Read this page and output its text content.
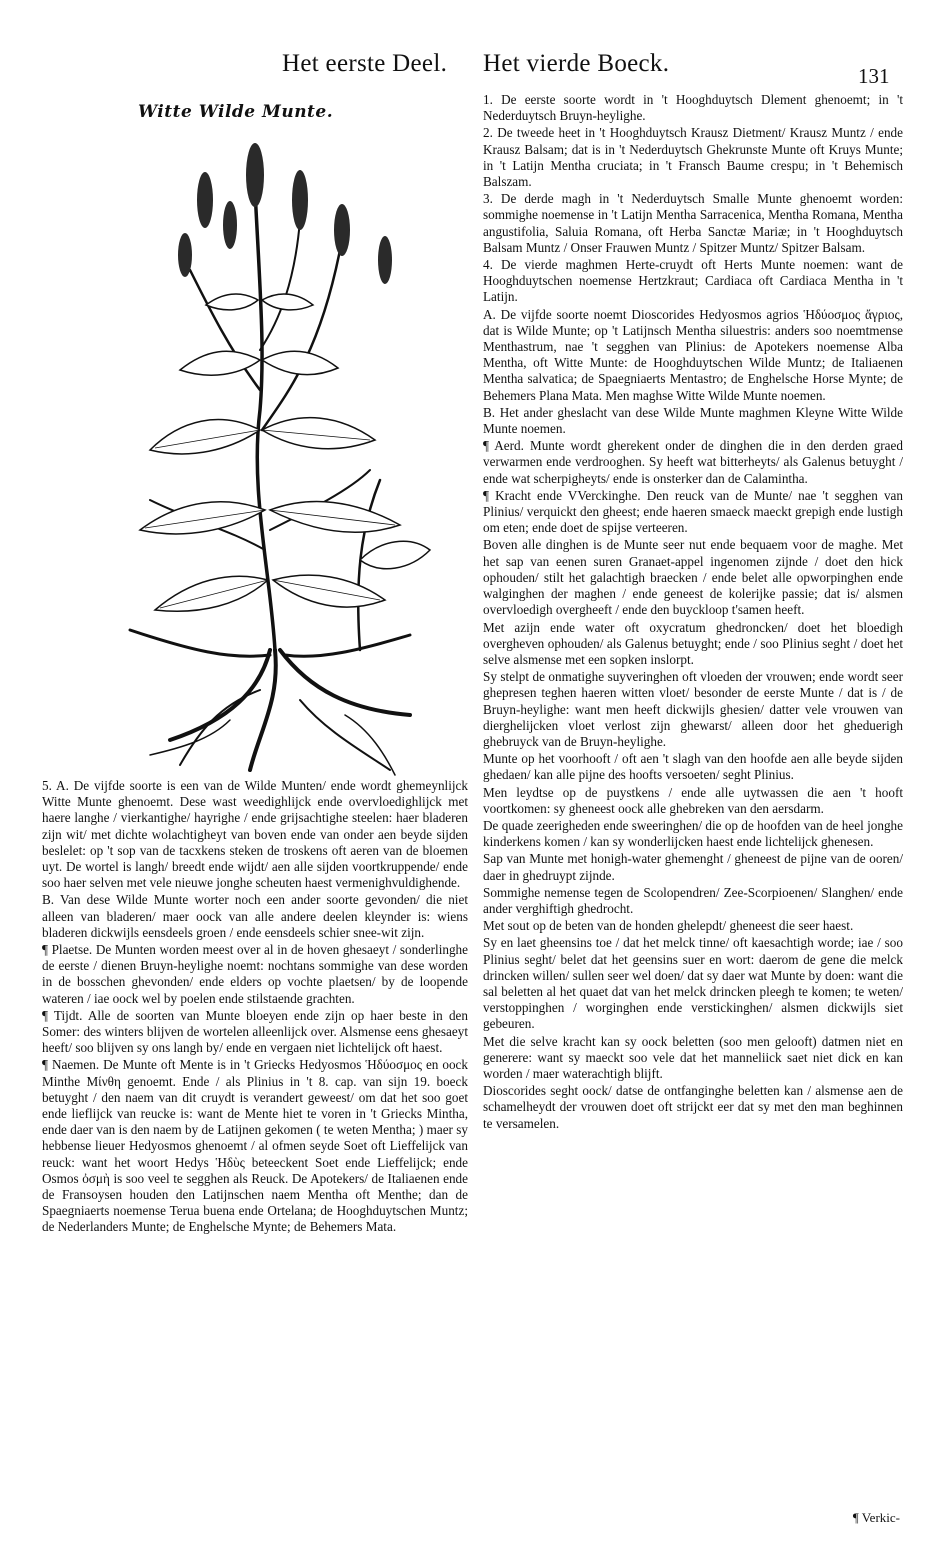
Het eerste Deel. Het vierde Boeck.	131
Witte Wilde Munte.

1. De eerste soorte wordt in 't Hooghduytsch Dlement ghenoemt; in 't Nederduytsch Bruyn-heylighe.

2. De tweede heet in 't Hooghduytsch Krausz Dietment/ Krausz Muntz / ende Krausz Balsam; dat is in 't Nederduytsch Ghekrunste Munte oft Kruys Munte; in 't Latijn Mentha cruciata; in 't Fransch Baume crespu; in 't Behemisch Balszam.

3. De derde magh in 't Nederduytsch Smalle Munte ghenoemt worden: sommighe noemense in 't Latijn Mentha Sarracenica, Mentha Romana, Mentha angustifolia, Saluia Romana, oft Herba Sanctæ Mariæ; in 't Hooghduytsch Balsam Muntz / Onser Frauwen Muntz / Spitzer Muntz/ Spitzer Balsam.

4. De vierde maghmen Herte-cruydt oft Herts Munte noemen: want de Hooghduytschen noemense Hertzkraut; Cardiaca oft Cardiaca Mentha in 't Latijn.

A. De vijfde soorte noemt Dioscorides Hedyosmos agrios Ἡδύοσμος ἄγριος, dat is Wilde Munte; op 't Latijnsch Mentha siluestris: anders soo noemtmense Menthastrum, nae 't segghen van Plinius: de Apotekers noemense Alba Mentha, oft Witte Munte: de Hooghduytschen Wilde Muntz; de Italiaenen Mentha salvatica; de Spaegniaerts Mentastro; de Enghelsche Horse Mynte; de Behemers Plana Mata. Men maghse Witte Wilde Munte noemen.

B. Het ander gheslacht van dese Wilde Munte maghmen Kleyne Witte Wilde Munte noemen.

¶ Aerd. Munte wordt gherekent onder de dinghen die in den derden graed verwarmen ende verdrooghen. Sy heeft wat bitterheyts/ als Galenus betuyght / ende wat scherpigheyts/ ende is onsterker dan de Calamintha.

¶ Kracht ende VVerckinghe. Den reuck van de Munte/ nae 't segghen van Plinius/ verquickt den gheest; ende haeren smaeck maeckt grepigh ende lustigh om eten; ende doet de spijse verteeren.

Boven alle dinghen is de Munte seer nut ende bequaem voor de maghe. Met het sap van eenen suren Granaet-appel ingenomen zijnde / doet den hick ophouden/ stilt het galachtigh braecken / ende belet alle opworpinghen ende walginghen der maghen / ende geneest de kolerijke passie; dat is/ alsmen overvloedigh overgheeft / ende den buyckloop t'samen heeft.

Met azijn ende water oft oxycratum ghedroncken/ doet het bloedigh overgheven ophouden/ als Galenus betuyght; ende / soo Plinius seght / doet het selve alsmense met een sopken inslorpt.

Sy stelpt de onmatighe suyveringhen oft vloeden der vrouwen; ende wordt seer ghepresen teghen haeren witten vloet/ besonder de eerste Munte / dat is / de Bruyn-heylighe: want men heeft dickwijls ghesien/ datter vele vrouwen van dierghelijcken vloet verlost zijn ghewarst/ alleen door het gheduerigh ghebruyck van de Bruyn-heylighe.

Munte op het voorhooft / oft aen 't slagh van den hoofde aen alle beyde sijden ghedaen/ kan alle pijne des hoofts versoeten/ seght Plinius.

Men leydtse op de puystkens / ende alle uytwassen die aen 't hooft voortkomen: sy gheneest oock alle ghebreken van den aersdarm.

De quade zeerigheden ende sweeringhen/ die op de hoofden van de heel jonghe kinderkens komen / kan sy wonderlijcken haest ende lichtelijck ghenesen.

Sap van Munte met honigh-water ghemenght / gheneest de pijne van de ooren/ daer in ghedruypt zijnde.

Sommighe nemense tegen de Scolopendren/ Zee-Scorpioenen/ Slanghen/ ende ander verghiftigh ghedrocht.

Met sout op de beten van de honden ghelepdt/ gheneest die seer haest.

Sy en laet gheensins toe / dat het melck tinne/ oft kaesachtigh worde; iae / soo Plinius seght/ belet dat het geensins suer en wort: daerom de gene die melck drincken willen/ sullen seer wel doen/ dat sy daer wat Munte by doen: want die sal beletten al het quaet dat van het melck drincken pleegh te komen; te weten/ verstoppinghen / worginghen ende verstickinghen/ alsmen dickwijls siet gebeuren.

Met die selve kracht kan sy oock beletten (soo men gelooft) datmen niet en generere: want sy maeckt soo vele dat het manneliick saet niet dick en kan worden / maer waterachtigh blijft.

Dioscorides seght oock/ datse de ontfanginghe beletten kan / alsmense aen de schamelheydt der vrouwen doet oft strijckt eer dat sy met den man beghinnen te versamelen.

5. A. De vijfde soorte is een van de Wilde Munten/ ende wordt ghemeynlijck Witte Munte ghenoemt. Dese wast weedighlijck ende overvloedighlijck met haere langhe / vierkantighe/ hayrighe / ende grijsachtighe steelen: haer bladeren zijn wit/ met dichte wolachtigheyt van boven ende van onder aen beyde sijden beslelet: op 't sop van de tacxkens steken de troskens oft aeren van de bloemen uyt. De wortel is langh/ breedt ende wijdt/ aen alle sijden voortkruppende/ ende soo haer selven met vele nieuwe jonghe scheuten haest vermenighvuldighende.

B. Van dese Wilde Munte worter noch een ander soorte gevonden/ die niet alleen van bladeren/ maer oock van alle andere deelen kleynder is: wiens bladeren dickwijls eensdeels groen / ende eensdeels schier snee-wit zijn.

¶ Plaetse. De Munten worden meest over al in de hoven ghesaeyt / sonderlinghe de eerste / dienen Bruyn-heylighe noemt: nochtans sommighe van dese worden in de bosschen ghevonden/ ende elders op vochte plaetsen/ by de loopende wateren / iae oock wel by poelen ende stilstaende grachten.

¶ Tijdt. Alle de soorten van Munte bloeyen ende zijn op haer beste in den Somer: des winters blijven de wortelen alleenlijck over. Alsmense eens ghesaeyt heeft/ soo blijven sy ons langh by/ ende en vergaen niet lichtelijck oft haest.

¶ Naemen. De Munte oft Mente is in 't Griecks Hedyosmos Ἡδύοσμος en oock Minthe Μίνθη genoemt. Ende / als Plinius in 't 8. cap. van sijn 19. boeck betuyght / den naem van dit cruydt is verandert geweest/ om dat het soo goet ende lieflijck van reucke is: want de Mente hiet te voren in 't Griecks Mintha, ende daer van is den naem by de Latijnen gekomen ( te weten Mentha; ) maer sy hebbense lieuer Hedyosmos ghenoemt / al ofmen seyde Soet oft Lieffelijck van reuck: want het woort Hedys Ἡδὺς beteeckent Soet ende Lieffelijck; ende Osmos ὀσμὴ is soo veel te segghen als Reuck. De Apotekers/ de Italiaenen ende de Fransoysen houden den Latijnschen naem Mentha oft Menthe; dan de Spaegniaerts noemense Terua buena ende Ortelana; de Hooghduytschen Muntz; de Nederlanders Munte; de Enghelsche Mynte; de Behemers Mata.

¶ Verkic-
